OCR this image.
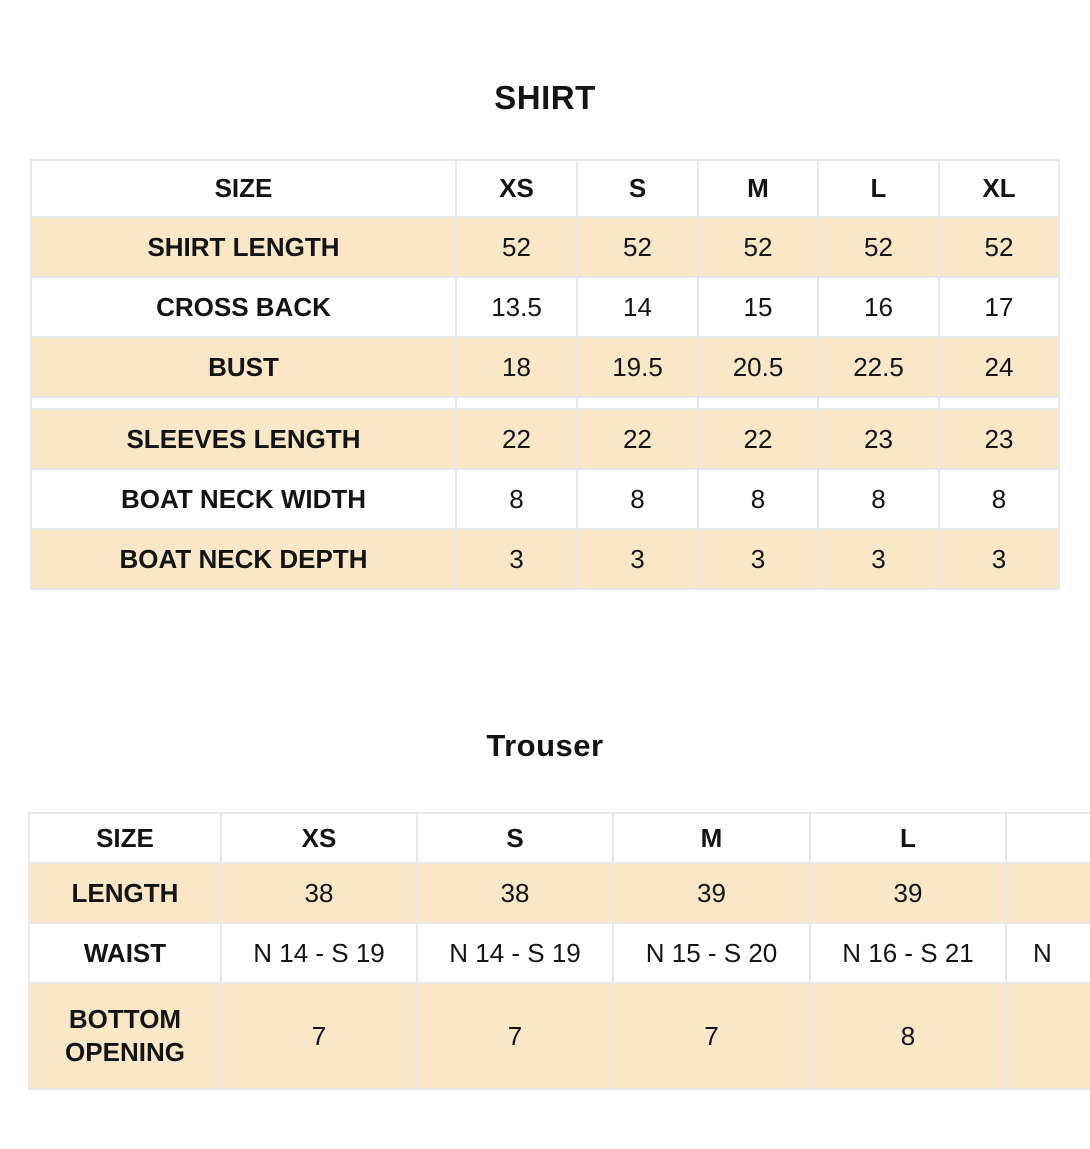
SHIRT
SIZE	XS	S	M	L	XL
SHIRT LENGTH	52	52	52	52	52
CROSS BACK	13.5	14	15	16	17
BUST	18	19.5	20.5	22.5	24

SLEEVES LENGTH	22	22	22	23	23
BOAT NECK WIDTH	8	8	8	8	8
BOAT NECK DEPTH	3	3	3	3	3
Trouser
SIZE	XS	S	M	L	
LENGTH	38	38	39	39	
WAIST	N 14 - S 19	N 14 - S 19	N 15 - S 20	N 16 - S 21	N
BOTTOM OPENING	7	7	7	8	
